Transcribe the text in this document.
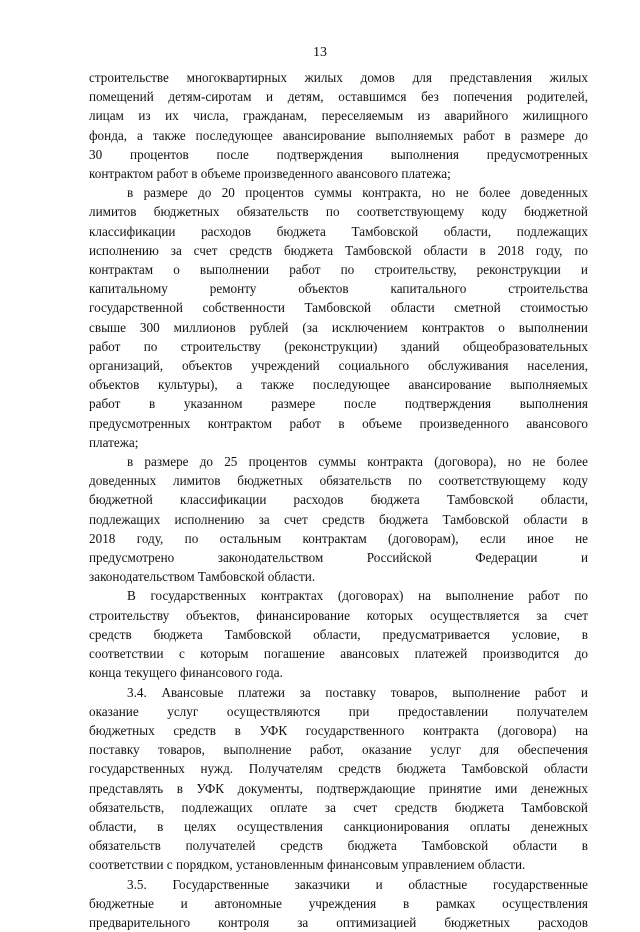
13
строительстве многоквартирных жилых домов для представления жилых
помещений детям-сиротам и детям, оставшимся без попечения родителей,
лицам из их числа, гражданам, переселяемым из аварийного жилищного
фонда, а также последующее авансирование выполняемых работ в размере до
30 процентов после подтверждения выполнения предусмотренных
контрактом работ в объеме произведенного авансового платежа;
в размере до 20 процентов суммы контракта, но не более доведенных
лимитов бюджетных обязательств по соответствующему коду бюджетной
классификации расходов бюджета Тамбовской области, подлежащих
исполнению за счет средств бюджета Тамбовской области в 2018 году, по
контрактам о выполнении работ по строительству, реконструкции и
капитальному ремонту объектов капитального строительства
государственной собственности Тамбовской области сметной стоимостью
свыше 300 миллионов рублей (за исключением контрактов о выполнении
работ по строительству (реконструкции) зданий общеобразовательных
организаций, объектов учреждений социального обслуживания населения,
объектов культуры), а также последующее авансирование выполняемых
работ в указанном размере после подтверждения выполнения
предусмотренных контрактом работ в объеме произведенного авансового
платежа;
в размере до 25 процентов суммы контракта (договора), но не более
доведенных лимитов бюджетных обязательств по соответствующему коду
бюджетной классификации расходов бюджета Тамбовской области,
подлежащих исполнению за счет средств бюджета Тамбовской области в
2018 году, по остальным контрактам (договорам), если иное не
предусмотрено законодательством Российской Федерации и
законодательством Тамбовской области.
В государственных контрактах (договорах) на выполнение работ по
строительству объектов, финансирование которых осуществляется за счет
средств бюджета Тамбовской области, предусматривается условие, в
соответствии с которым погашение авансовых платежей производится до
конца текущего финансового года.
3.4. Авансовые платежи за поставку товаров, выполнение работ и
оказание услуг осуществляются при предоставлении получателем
бюджетных средств в УФК государственного контракта (договора) на
поставку товаров, выполнение работ, оказание услуг для обеспечения
государственных нужд. Получателям средств бюджета Тамбовской области
представлять в УФК документы, подтверждающие принятие ими денежных
обязательств, подлежащих оплате за счет средств бюджета Тамбовской
области, в целях осуществления санкционирования оплаты денежных
обязательств получателей средств бюджета Тамбовской области в
соответствии с порядком, установленным финансовым управлением области.
3.5. Государственные заказчики и областные государственные
бюджетные и автономные учреждения в рамках осуществления
предварительного контроля за оптимизацией бюджетных расходов
